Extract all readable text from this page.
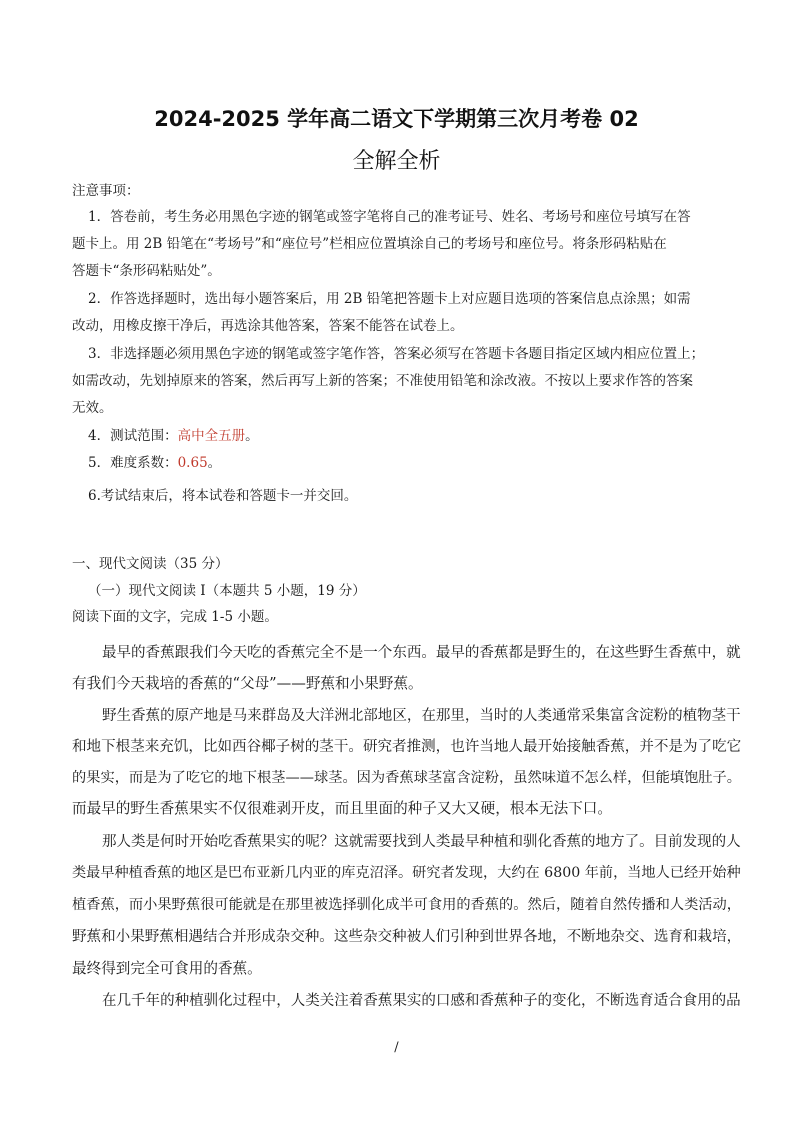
2024-2025 学年高二语文下学期第三次月考卷 02
全解全析
注意事项：
1．答卷前，考生务必用黑色字迹的钢笔或签字笔将自己的准考证号、姓名、考场号和座位号填写在答
题卡上。用 2B 铅笔在“考场号”和“座位号”栏相应位置填涂自己的考场号和座位号。将条形码粘贴在
答题卡“条形码粘贴处”。
2．作答选择题时，选出每小题答案后，用 2B 铅笔把答题卡上对应题目选项的答案信息点涂黑；如需
改动，用橡皮擦干净后，再选涂其他答案，答案不能答在试卷上。
3．非选择题必须用黑色字迹的钢笔或签字笔作答，答案必须写在答题卡各题目指定区域内相应位置上；
如需改动，先划掉原来的答案，然后再写上新的答案；不准使用铅笔和涂改液。不按以上要求作答的答案
无效。
4．测试范围：高中全五册。
5．难度系数：0.65。
6.考试结束后，将本试卷和答题卡一并交回。
一、现代文阅读（35 分）
（一）现代文阅读 I（本题共 5 小题，19 分）
阅读下面的文字，完成 1-5 小题。
最早的香蕉跟我们今天吃的香蕉完全不是一个东西。最早的香蕉都是野生的，在这些野生香蕉中，就
有我们今天栽培的香蕉的“父母”——野蕉和小果野蕉。
野生香蕉的原产地是马来群岛及大洋洲北部地区，在那里，当时的人类通常采集富含淀粉的植物茎干
和地下根茎来充饥，比如西谷椰子树的茎干。研究者推测，也许当地人最开始接触香蕉，并不是为了吃它
的果实，而是为了吃它的地下根茎——球茎。因为香蕉球茎富含淀粉，虽然味道不怎么样，但能填饱肚子。
而最早的野生香蕉果实不仅很难剥开皮，而且里面的种子又大又硬，根本无法下口。
那人类是何时开始吃香蕉果实的呢？这就需要找到人类最早种植和驯化香蕉的地方了。目前发现的人
类最早种植香蕉的地区是巴布亚新几内亚的库克沼泽。研究者发现，大约在 6800 年前，当地人已经开始种
植香蕉，而小果野蕉很可能就是在那里被选择驯化成半可食用的香蕉的。然后，随着自然传播和人类活动，
野蕉和小果野蕉相遇结合并形成杂交种。这些杂交种被人们引种到世界各地，不断地杂交、选育和栽培，
最终得到完全可食用的香蕉。
在几千年的种植驯化过程中，人类关注着香蕉果实的口感和香蕉种子的变化，不断选育适合食用的品
/
